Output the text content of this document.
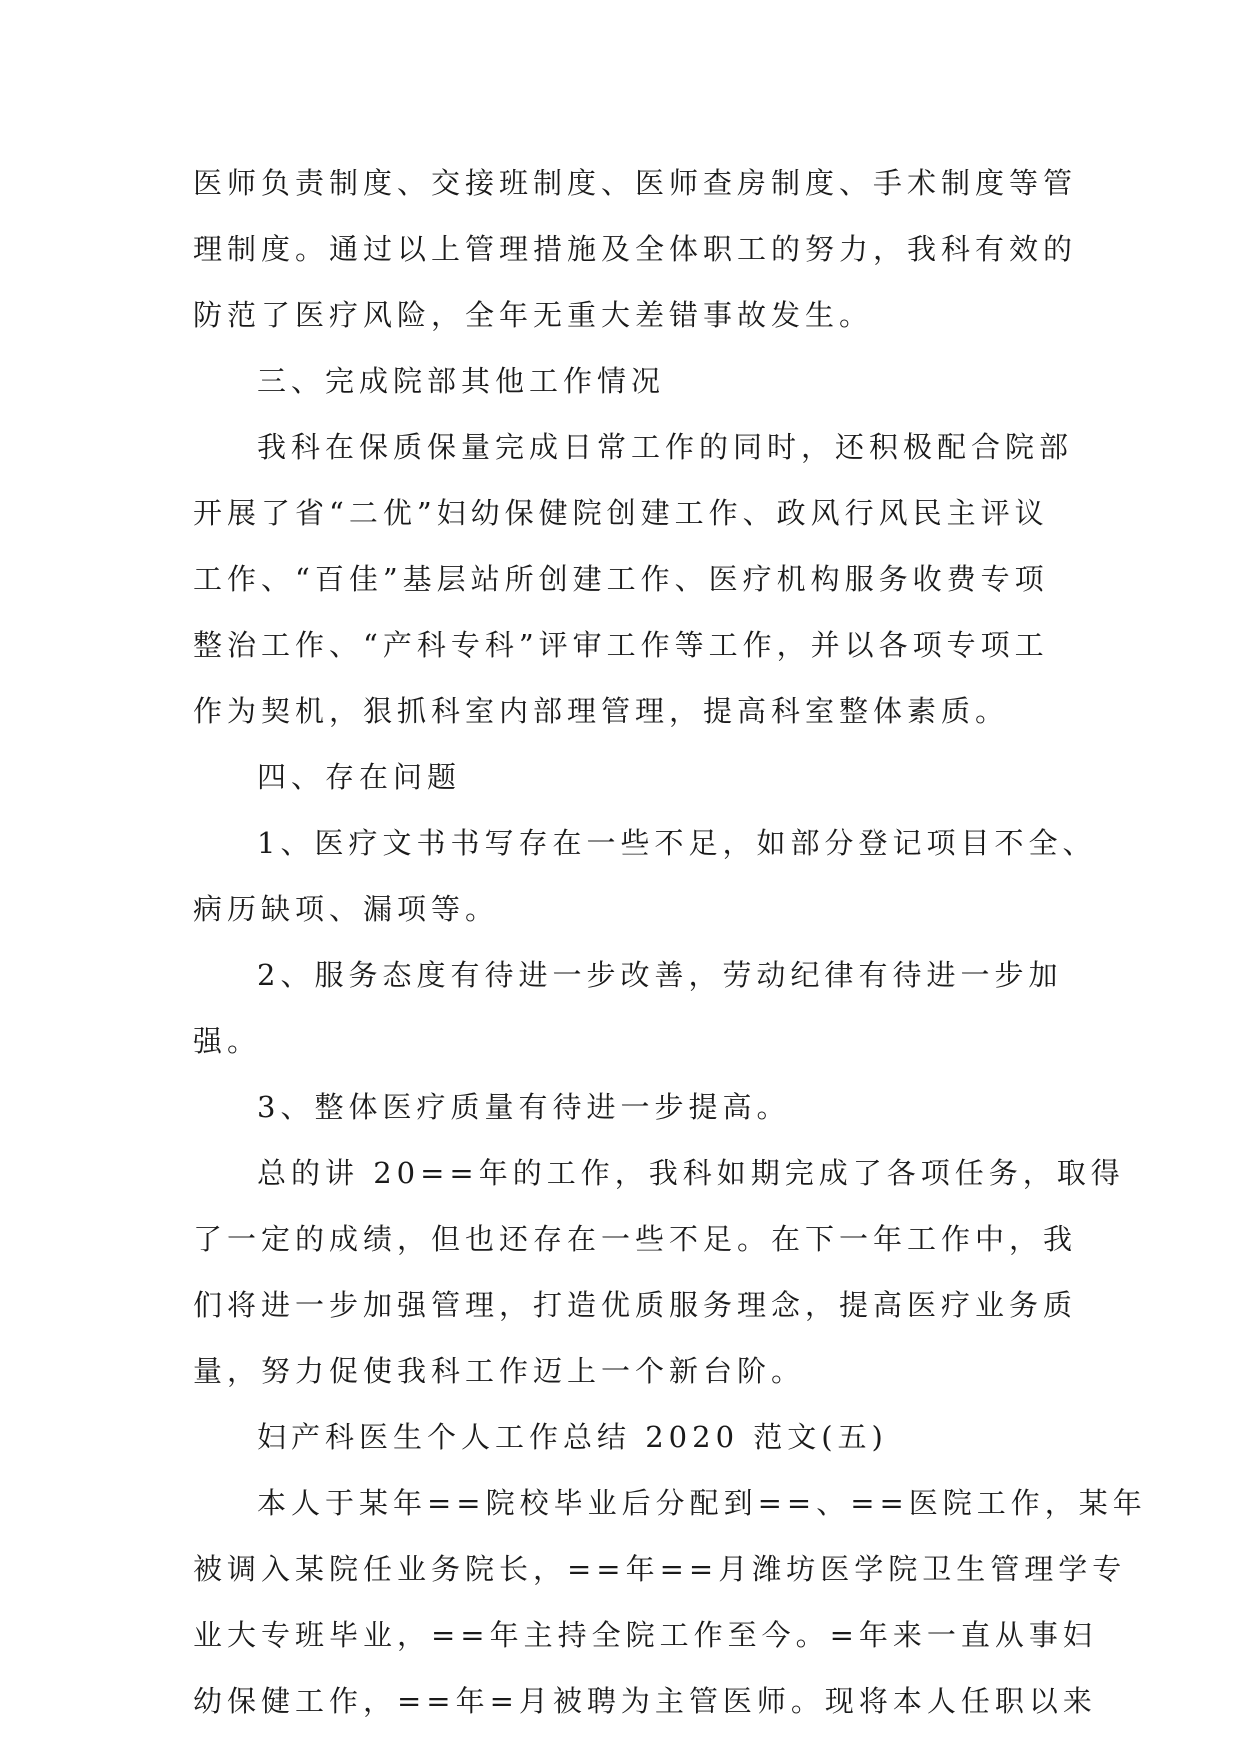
医师负责制度、交接班制度、医师查房制度、手术制度等管
理制度。通过以上管理措施及全体职工的努力，我科有效的
防范了医疗风险，全年无重大差错事故发生。
三、完成院部其他工作情况
我科在保质保量完成日常工作的同时，还积极配合院部
开展了省“二优”妇幼保健院创建工作、政风行风民主评议
工作、“百佳”基层站所创建工作、医疗机构服务收费专项
整治工作、“产科专科”评审工作等工作，并以各项专项工
作为契机，狠抓科室内部理管理，提高科室整体素质。
四、存在问题
1、医疗文书书写存在一些不足，如部分登记项目不全、
病历缺项、漏项等。
2、服务态度有待进一步改善，劳动纪律有待进一步加
强。
3、整体医疗质量有待进一步提高。
总的讲 20==年的工作，我科如期完成了各项任务，取得
了一定的成绩，但也还存在一些不足。在下一年工作中，我
们将进一步加强管理，打造优质服务理念，提高医疗业务质
量，努力促使我科工作迈上一个新台阶。
妇产科医生个人工作总结 2020 范文(五)
本人于某年==院校毕业后分配到==、==医院工作，某年
被调入某院任业务院长，==年==月潍坊医学院卫生管理学专
业大专班毕业，==年主持全院工作至今。=年来一直从事妇
幼保健工作，==年=月被聘为主管医师。现将本人任职以来
